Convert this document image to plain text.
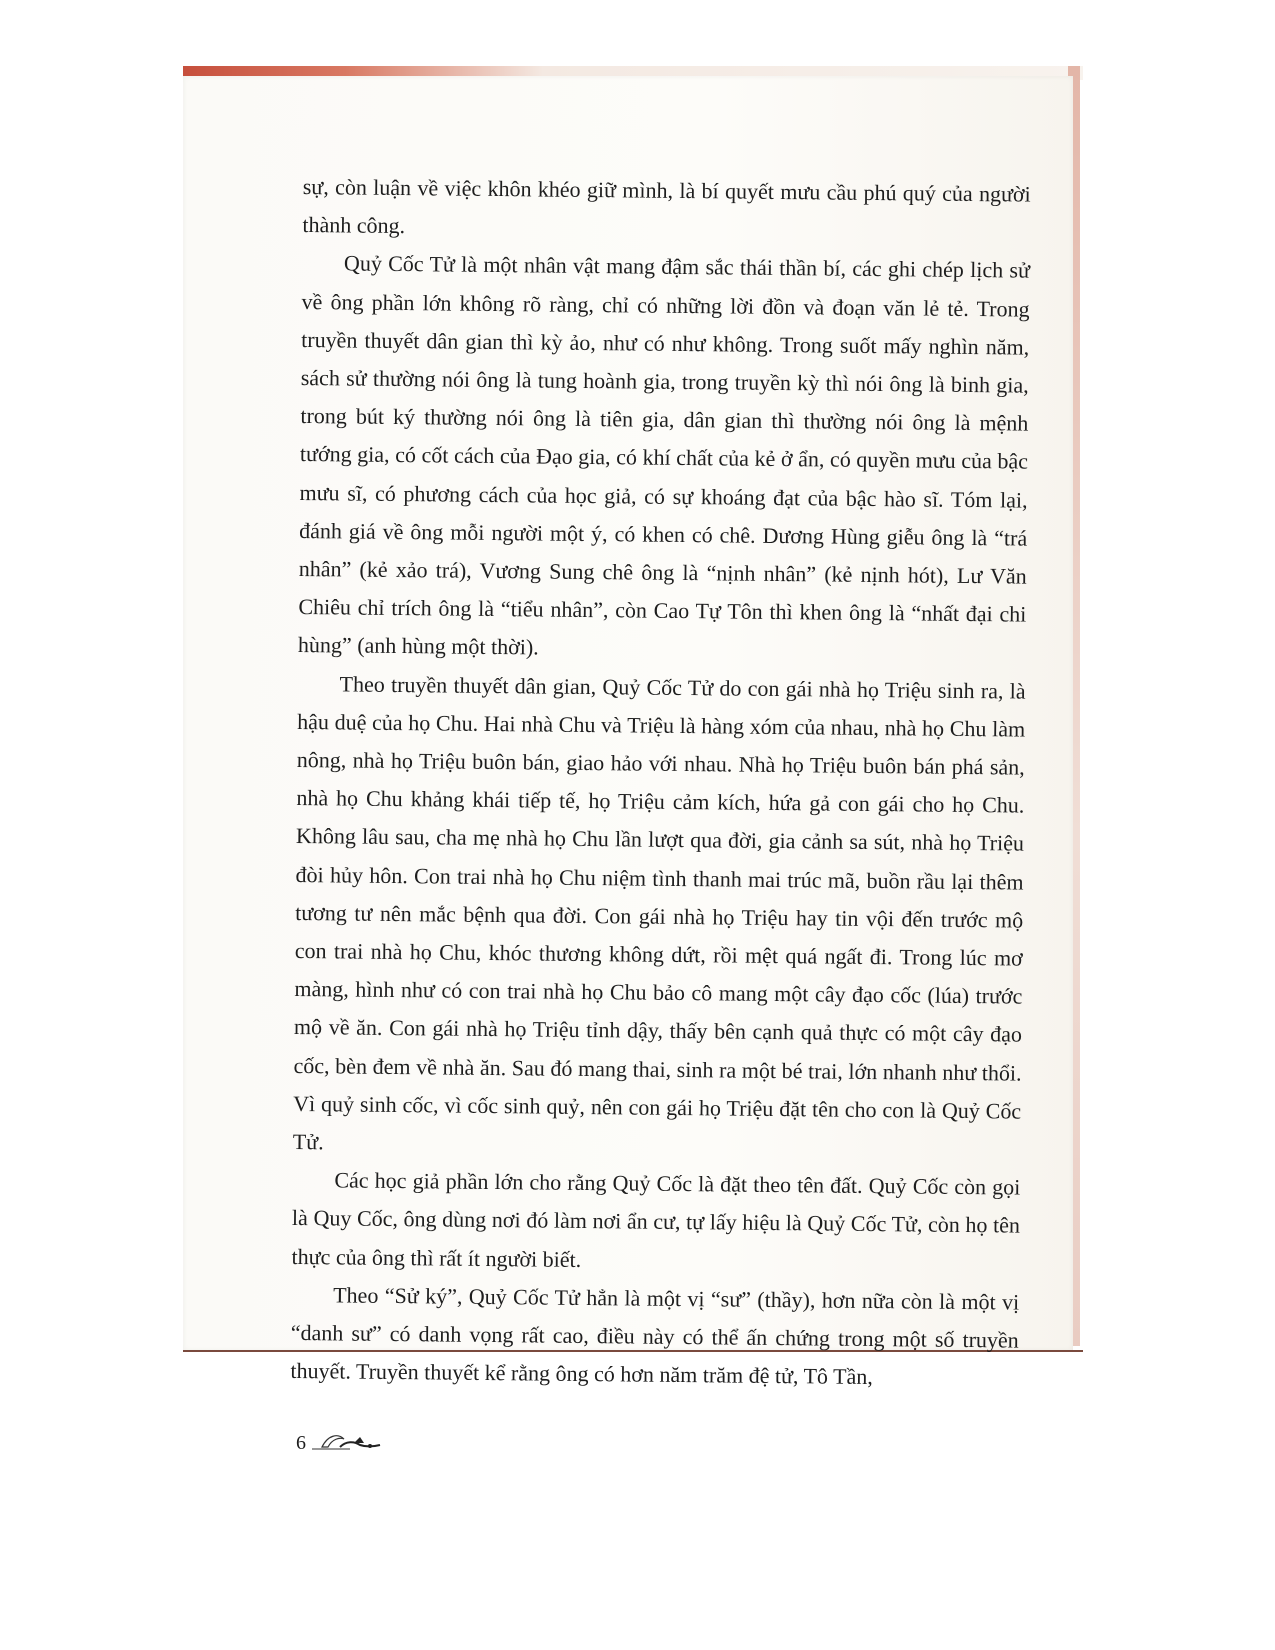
sự, còn luận về việc khôn khéo giữ mình, là bí quyết mưu cầu phú quý của người thành công.

Quỷ Cốc Tử là một nhân vật mang đậm sắc thái thần bí, các ghi chép lịch sử về ông phần lớn không rõ ràng, chỉ có những lời đồn và đoạn văn lẻ tẻ. Trong truyền thuyết dân gian thì kỳ ảo, như có như không. Trong suốt mấy nghìn năm, sách sử thường nói ông là tung hoành gia, trong truyền kỳ thì nói ông là binh gia, trong bút ký thường nói ông là tiên gia, dân gian thì thường nói ông là mệnh tướng gia, có cốt cách của Đạo gia, có khí chất của kẻ ở ẩn, có quyền mưu của bậc mưu sĩ, có phương cách của học giả, có sự khoáng đạt của bậc hào sĩ. Tóm lại, đánh giá về ông mỗi người một ý, có khen có chê. Dương Hùng giễu ông là “trá nhân” (kẻ xảo trá), Vương Sung chê ông là “nịnh nhân” (kẻ nịnh hót), Lư Văn Chiêu chỉ trích ông là “tiểu nhân”, còn Cao Tự Tôn thì khen ông là “nhất đại chi hùng” (anh hùng một thời).

Theo truyền thuyết dân gian, Quỷ Cốc Tử do con gái nhà họ Triệu sinh ra, là hậu duệ của họ Chu. Hai nhà Chu và Triệu là hàng xóm của nhau, nhà họ Chu làm nông, nhà họ Triệu buôn bán, giao hảo với nhau. Nhà họ Triệu buôn bán phá sản, nhà họ Chu khảng khái tiếp tế, họ Triệu cảm kích, hứa gả con gái cho họ Chu. Không lâu sau, cha mẹ nhà họ Chu lần lượt qua đời, gia cảnh sa sút, nhà họ Triệu đòi hủy hôn. Con trai nhà họ Chu niệm tình thanh mai trúc mã, buồn rầu lại thêm tương tư nên mắc bệnh qua đời. Con gái nhà họ Triệu hay tin vội đến trước mộ con trai nhà họ Chu, khóc thương không dứt, rồi mệt quá ngất đi. Trong lúc mơ màng, hình như có con trai nhà họ Chu bảo cô mang một cây đạo cốc (lúa) trước mộ về ăn. Con gái nhà họ Triệu tỉnh dậy, thấy bên cạnh quả thực có một cây đạo cốc, bèn đem về nhà ăn. Sau đó mang thai, sinh ra một bé trai, lớn nhanh như thổi. Vì quỷ sinh cốc, vì cốc sinh quỷ, nên con gái họ Triệu đặt tên cho con là Quỷ Cốc Tử.

Các học giả phần lớn cho rằng Quỷ Cốc là đặt theo tên đất. Quỷ Cốc còn gọi là Quy Cốc, ông dùng nơi đó làm nơi ẩn cư, tự lấy hiệu là Quỷ Cốc Tử, còn họ tên thực của ông thì rất ít người biết.

Theo “Sử ký”, Quỷ Cốc Tử hẳn là một vị “sư” (thầy), hơn nữa còn là một vị “danh sư” có danh vọng rất cao, điều này có thể ấn chứng trong một số truyền thuyết. Truyền thuyết kể rằng ông có hơn năm trăm đệ tử, Tô Tần,

6
